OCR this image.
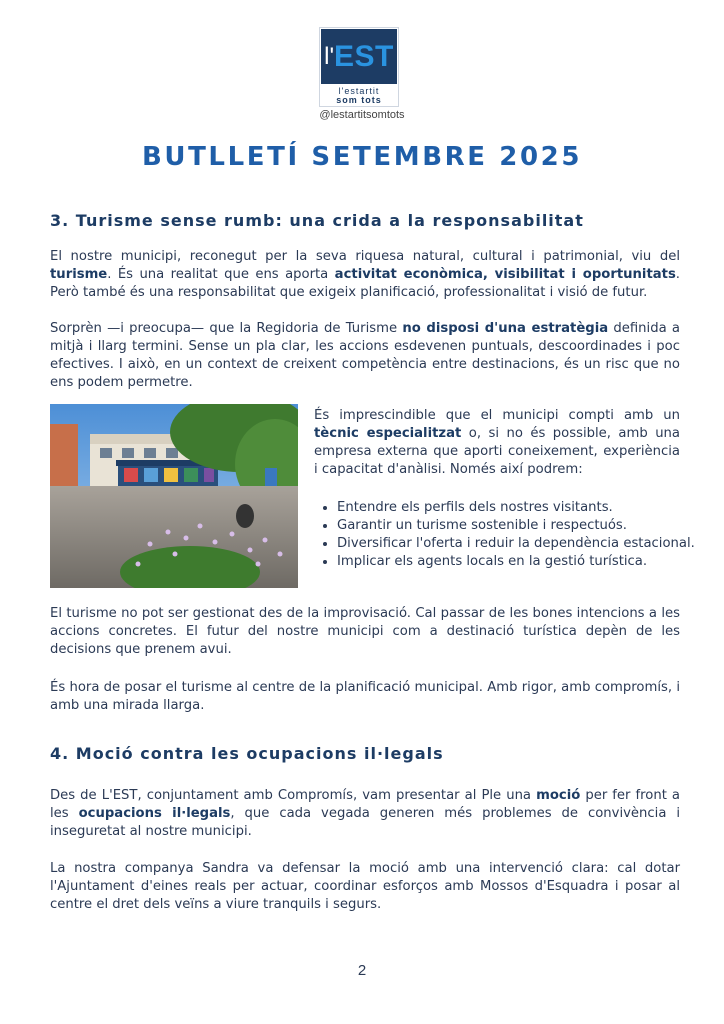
l' EST
l'estartit
som tots
@lestartitsomtots
BUTLLETÍ SETEMBRE 2025
3. Turisme sense rumb: una crida a la responsabilitat
El nostre municipi, reconegut per la seva riquesa natural, cultural i patrimonial, viu del turisme. És una realitat que ens aporta activitat econòmica, visibilitat i oportunitats. Però també és una responsabilitat que exigeix planificació, professionalitat i visió de futur.
Sorprèn —i preocupa— que la Regidoria de Turisme no disposi d'una estratègia definida a mitjà i llarg termini. Sense un pla clar, les accions esdevenen puntuals, descoordinades i poc efectives. I això, en un context de creixent competència entre destinacions, és un risc que no ens podem permetre.
És imprescindible que el municipi compti amb un tècnic especialitzat o, si no és possible, amb una empresa externa que aporti coneixement, experiència i capacitat d'anàlisi. Només així podrem:
• Entendre els perfils dels nostres visitants.
• Garantir un turisme sostenible i respectuós.
• Diversificar l'oferta i reduir la dependència estacional.
• Implicar els agents locals en la gestió turística.
El turisme no pot ser gestionat des de la improvisació. Cal passar de les bones intencions a les accions concretes. El futur del nostre municipi com a destinació turística depèn de les decisions que prenem avui.
És hora de posar el turisme al centre de la planificació municipal. Amb rigor, amb compromís, i amb una mirada llarga.
4. Moció contra les ocupacions il·legals
Des de L'EST, conjuntament amb Compromís, vam presentar al Ple una moció per fer front a les ocupacions il·legals, que cada vegada generen més problemes de convivència i inseguretat al nostre municipi.
La nostra companya Sandra va defensar la moció amb una intervenció clara: cal dotar l'Ajuntament d'eines reals per actuar, coordinar esforços amb Mossos d'Esquadra i posar al centre el dret dels veïns a viure tranquils i segurs.
2
